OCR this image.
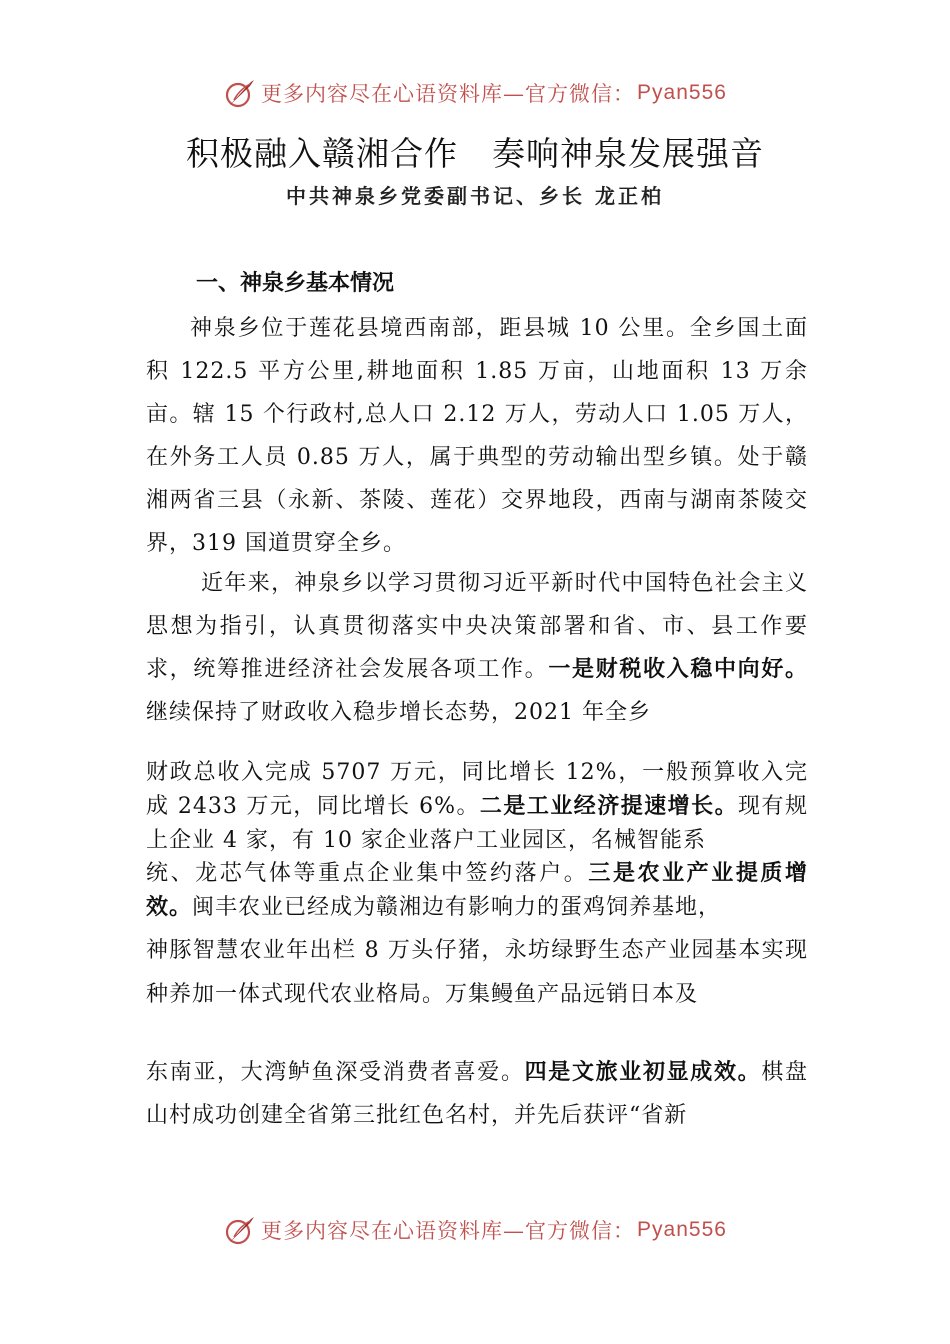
更多内容尽在心语资料库—官方微信：Pyan556
积极融入赣湘合作　奏响神泉发展强音
中共神泉乡党委副书记、乡长 龙正柏
一、神泉乡基本情况
神泉乡位于莲花县境西南部，距县城 10 公里。全乡国土面积 122.5 平方公里,耕地面积 1.85 万亩，山地面积 13 万余亩。辖 15 个行政村,总人口 2.12 万人，劳动人口 1.05 万人，在外务工人员 0.85 万人，属于典型的劳动输出型乡镇。处于赣湘两省三县（永新、茶陵、莲花）交界地段，西南与湖南茶陵交界，319 国道贯穿全乡。
近年来，神泉乡以学习贯彻习近平新时代中国特色社会主义思想为指引，认真贯彻落实中央决策部署和省、市、县工作要求，统筹推进经济社会发展各项工作。一是财税收入稳中向好。继续保持了财政收入稳步增长态势，2021 年全乡
财政总收入完成 5707 万元，同比增长 12%，一般预算收入完成 2433 万元，同比增长 6%。二是工业经济提速增长。现有规上企业 4 家，有 10 家企业落户工业园区，名械智能系
统、龙芯气体等重点企业集中签约落户。三是农业产业提质增效。闽丰农业已经成为赣湘边有影响力的蛋鸡饲养基地，
神豚智慧农业年出栏 8 万头仔猪，永坊绿野生态产业园基本实现种养加一体式现代农业格局。万集鳗鱼产品远销日本及
东南亚，大湾鲈鱼深受消费者喜爱。四是文旅业初显成效。棋盘山村成功创建全省第三批红色名村，并先后获评“省新
更多内容尽在心语资料库—官方微信：Pyan556
